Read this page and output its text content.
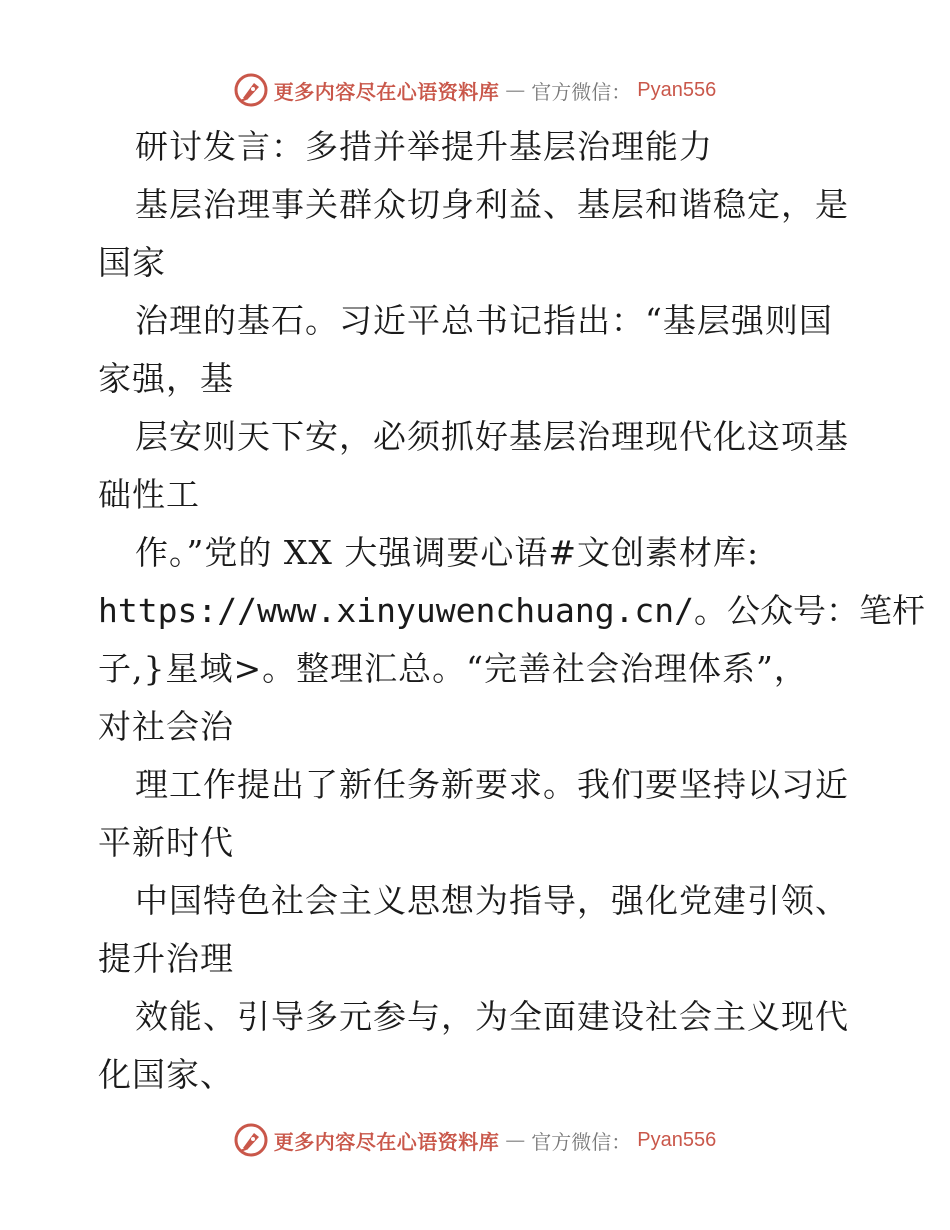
更多内容尽在心语资料库 — 官方微信： Pyan556
研讨发言：多措并举提升基层治理能力
基层治理事关群众切身利益、基层和谐稳定，是
国家
治理的基石。习近平总书记指出：“基层强则国
家强，基
层安则天下安，必须抓好基层治理现代化这项基
础性工
作。”党的 XX 大强调要心语#文创素材库:
https://www.xinyuwenchuang.cn/。公众号：笔杆
子,}星域>。整理汇总。“完善社会治理体系”，
对社会治
理工作提出了新任务新要求。我们要坚持以习近
平新时代
中国特色社会主义思想为指导，强化党建引领、
提升治理
效能、引导多元参与，为全面建设社会主义现代
化国家、
更多内容尽在心语资料库 — 官方微信： Pyan556
